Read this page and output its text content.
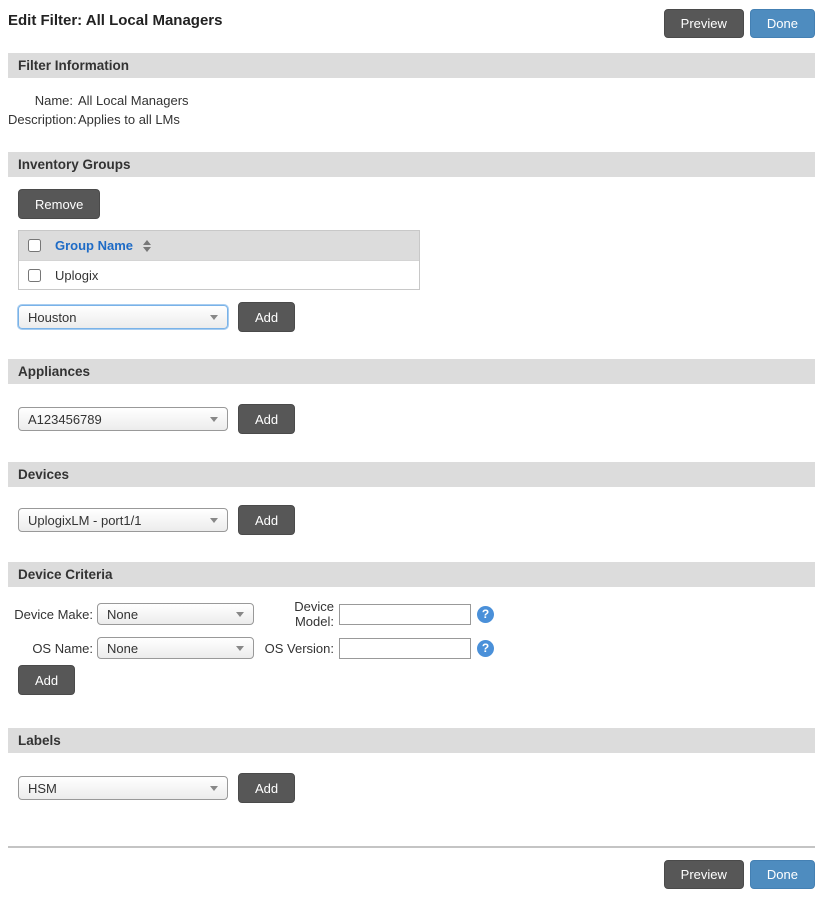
Edit Filter: All Local Managers	Preview	Done
Filter Information
Name: All Local Managers
Description: Applies to all LMs
Inventory Groups
Remove
Group Name
Uplogix
Houston	Add
Appliances
A123456789	Add
Devices
UplogixLM - port1/1	Add
Device Criteria
Device Make: None	Device Model:	?
OS Name: None	OS Version:	?
Add
Labels
HSM	Add
Preview	Done
